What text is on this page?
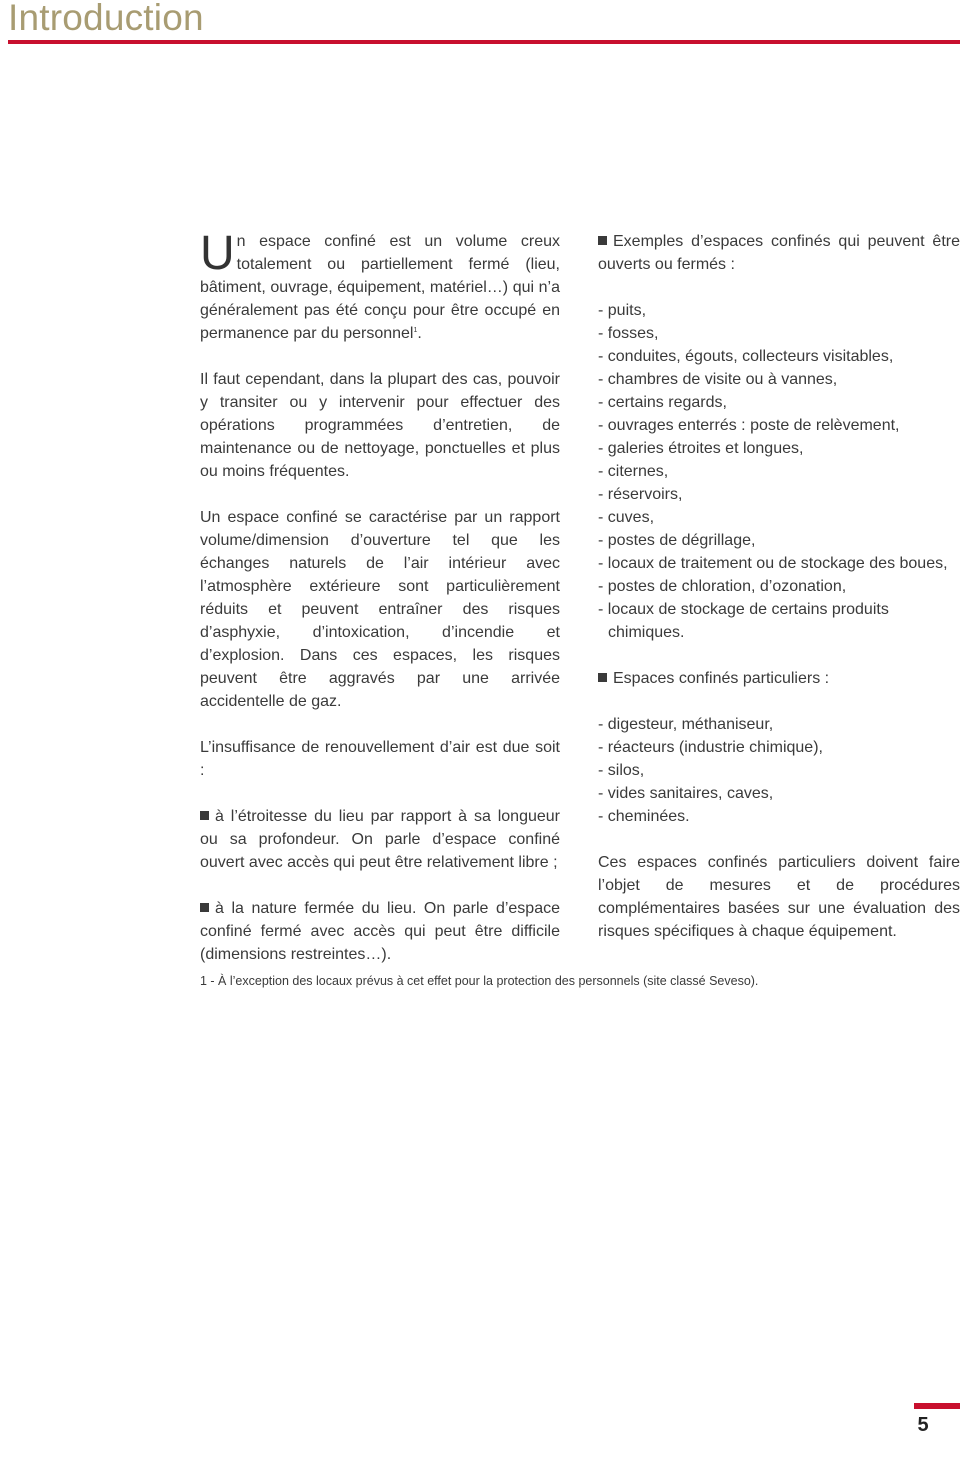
Introduction

Un espace confiné est un volume creux totalement ou partiellement fermé (lieu, bâtiment, ouvrage, équipement, matériel…) qui n’a généralement pas été conçu pour être occupé en permanence par du personnel$^1$.

Il faut cependant, dans la plupart des cas, pouvoir y transiter ou y intervenir pour effectuer des opérations programmées d’entretien, de maintenance ou de nettoyage, ponctuelles et plus ou moins fréquentes.

Un espace confiné se caractérise par un rapport volume/dimension d’ouverture tel que les échanges naturels de l’air intérieur avec l’atmosphère extérieure sont particulièrement réduits et peuvent entraîner des risques d’asphyxie, d’intoxication, d’incendie et d’explosion. Dans ces espaces, les risques peuvent être aggravés par une arrivée accidentelle de gaz.

L’insuffisance de renouvellement d’air est due soit :

à l’étroitesse du lieu par rapport à sa longueur ou sa profondeur. On parle d’espace confiné ouvert avec accès qui peut être relativement libre ;

à la nature fermée du lieu. On parle d’espace confiné fermé avec accès qui peut être difficile (dimensions restreintes…).

Exemples d’espaces confinés qui peuvent être ouverts ou fermés :

- puits,
- fosses,
- conduites, égouts, collecteurs visitables,
- chambres de visite ou à vannes,
- certains regards,
- ouvrages enterrés : poste de relèvement,
- galeries étroites et longues,
- citernes,
- réservoirs,
- cuves,
- postes de dégrillage,
- locaux de traitement ou de stockage des boues,
- postes de chloration, d’ozonation,
- locaux de stockage de certains produits chimiques.

Espaces confinés particuliers :

- digesteur, méthaniseur,
- réacteurs (industrie chimique),
- silos,
- vides sanitaires, caves,
- cheminées.

Ces espaces confinés particuliers doivent faire l’objet de mesures et de procédures complémentaires basées sur une évaluation des risques spécifiques à chaque équipement.

1 - À l’exception des locaux prévus à cet effet pour la protection des personnels (site classé Seveso).

5
